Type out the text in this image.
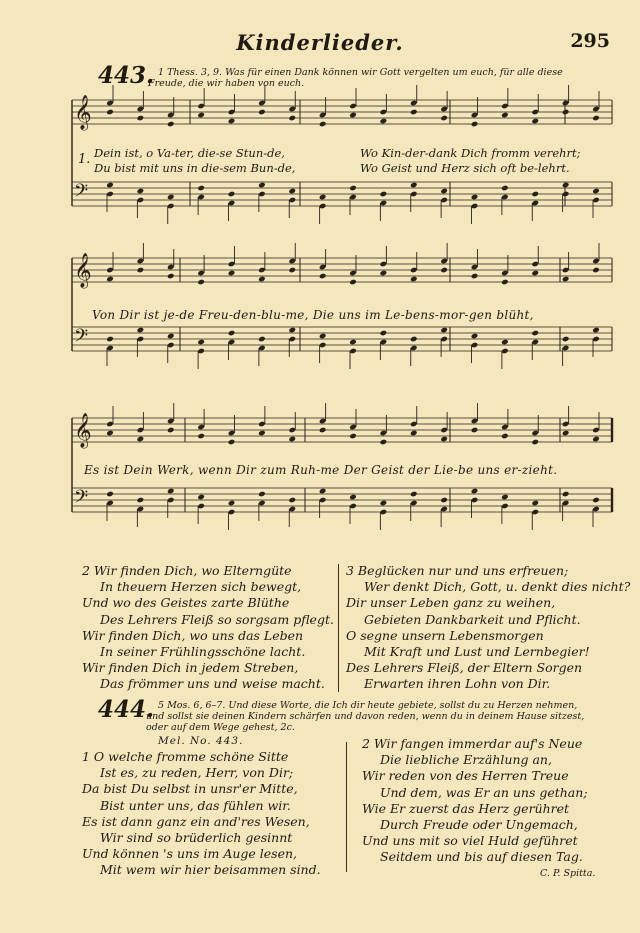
Kinderlieder.	295
443. 1 Thess. 3, 9. Was für einen Dank können wir Gott vergelten um euch, für alle diese
Freude, die wir haben von euch.
𝄞
𝄢
𝄞
𝄢
𝄞
𝄢
1. Dein ist, o Va-ter, die-se Stun-de,	Wo Kin-der-dank Dich fromm verehrt;
Du bist mit uns in die-sem Bun-de,	Wo Geist und Herz sich oft be-lehrt.
Von Dir ist je-de Freu-den-blu-me, Die uns im Le-bens-mor-gen blüht,
Es ist Dein Werk, wenn Dir zum Ruh-me Der Geist der Lie-be uns er-zieht.
2 Wir finden Dich, wo Elterngüte
In theuern Herzen sich bewegt,
Und wo des Geistes zarte Blüthe
Des Lehrers Fleiß so sorgsam pflegt.
Wir finden Dich, wo uns das Leben
In seiner Frühlingsschöne lacht.
Wir finden Dich in jedem Streben,
Das frömmer uns und weise macht.
3 Beglücken nur und uns erfreuen;
Wer denkt Dich, Gott, u. denkt dies nicht?
Dir unser Leben ganz zu weihen,
Gebieten Dankbarkeit und Pflicht.
O segne unsern Lebensmorgen
Mit Kraft und Lust und Lernbegier!
Des Lehrers Fleiß, der Eltern Sorgen
Erwarten ihren Lohn von Dir.
444. 5 Mos. 6, 6–7. Und diese Worte, die Ich dir heute gebiete, sollst du zu Herzen nehmen,
und sollst sie deinen Kindern schärfen und davon reden, wenn du in deinem Hause sitzest,
oder auf dem Wege gehest, 2c.
Mel. No. 443.
1 O welche fromme schöne Sitte
Ist es, zu reden, Herr, von Dir;
Da bist Du selbst in unsr'er Mitte,
Bist unter uns, das fühlen wir.
Es ist dann ganz ein and'res Wesen,
Wir sind so brüderlich gesinnt
Und können 's uns im Auge lesen,
Mit wem wir hier beisammen sind.
2 Wir fangen immerdar auf's Neue
Die liebliche Erzählung an,
Wir reden von des Herren Treue
Und dem, was Er an uns gethan;
Wie Er zuerst das Herz gerühret
Durch Freude oder Ungemach,
Und uns mit so viel Huld geführet
Seitdem und bis auf diesen Tag.
C. P. Spitta.
